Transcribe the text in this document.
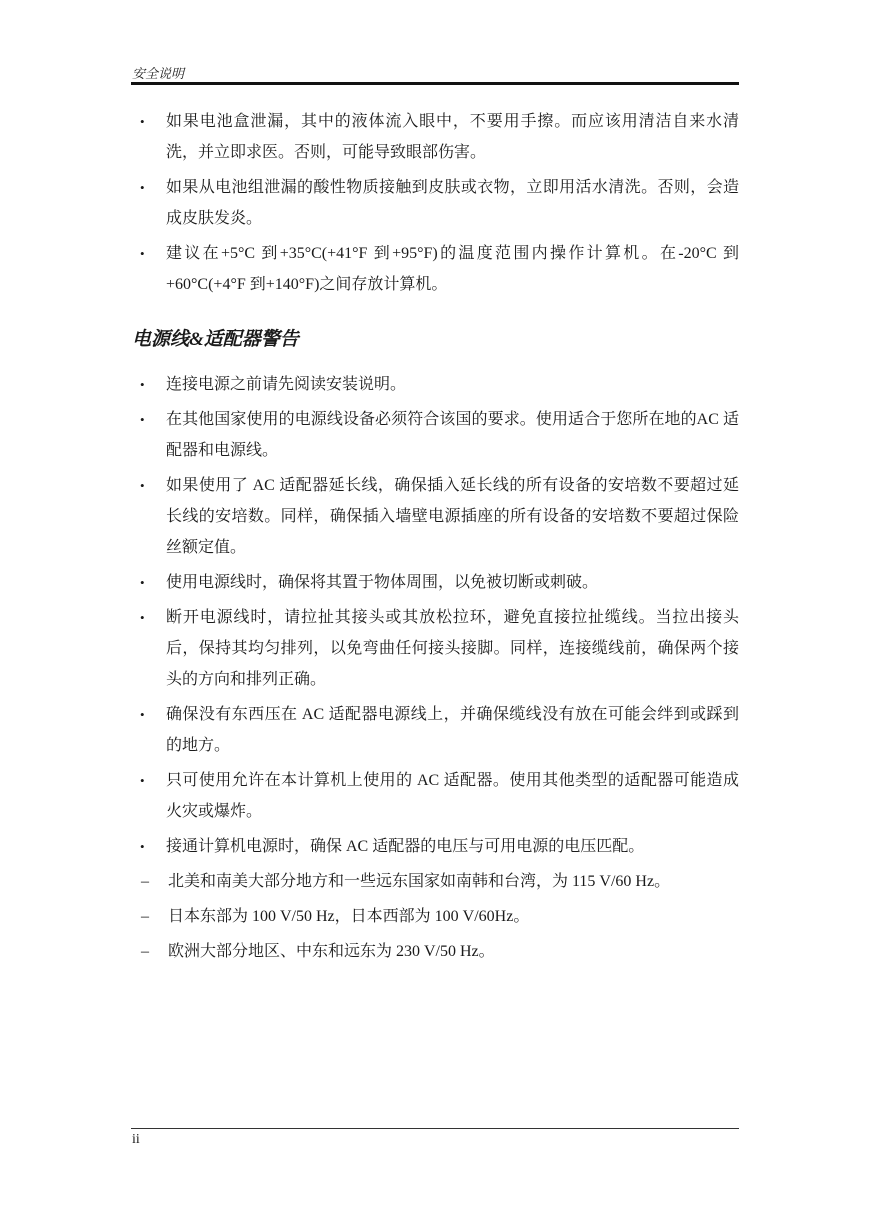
安全说明
• 如果电池盒泄漏，其中的液体流入眼中，不要用手擦。而应该用清洁自来水清洗，并立即求医。否则，可能导致眼部伤害。
• 如果从电池组泄漏的酸性物质接触到皮肤或衣物，立即用活水清洗。否则，会造成皮肤发炎。
• 建议在+5°C 到+35°C(+41°F 到+95°F)的温度范围内操作计算机。在-20°C 到+60°C(+4°F 到+140°F)之间存放计算机。
电源线&适配器警告
• 连接电源之前请先阅读安装说明。
• 在其他国家使用的电源线设备必须符合该国的要求。使用适合于您所在地的AC 适配器和电源线。
• 如果使用了 AC 适配器延长线，确保插入延长线的所有设备的安培数不要超过延长线的安培数。同样，确保插入墙壁电源插座的所有设备的安培数不要超过保险丝额定值。
• 使用电源线时，确保将其置于物体周围，以免被切断或刺破。
• 断开电源线时，请拉扯其接头或其放松拉环，避免直接拉扯缆线。当拉出接头后，保持其均匀排列，以免弯曲任何接头接脚。同样，连接缆线前，确保两个接头的方向和排列正确。
• 确保没有东西压在 AC 适配器电源线上，并确保缆线没有放在可能会绊到或踩到的地方。
• 只可使用允许在本计算机上使用的 AC 适配器。使用其他类型的适配器可能造成火灾或爆炸。
• 接通计算机电源时，确保 AC 适配器的电压与可用电源的电压匹配。
– 北美和南美大部分地方和一些远东国家如南韩和台湾，为 115 V/60 Hz。
– 日本东部为 100 V/50 Hz，日本西部为 100 V/60Hz。
– 欧洲大部分地区、中东和远东为 230 V/50 Hz。
ii
